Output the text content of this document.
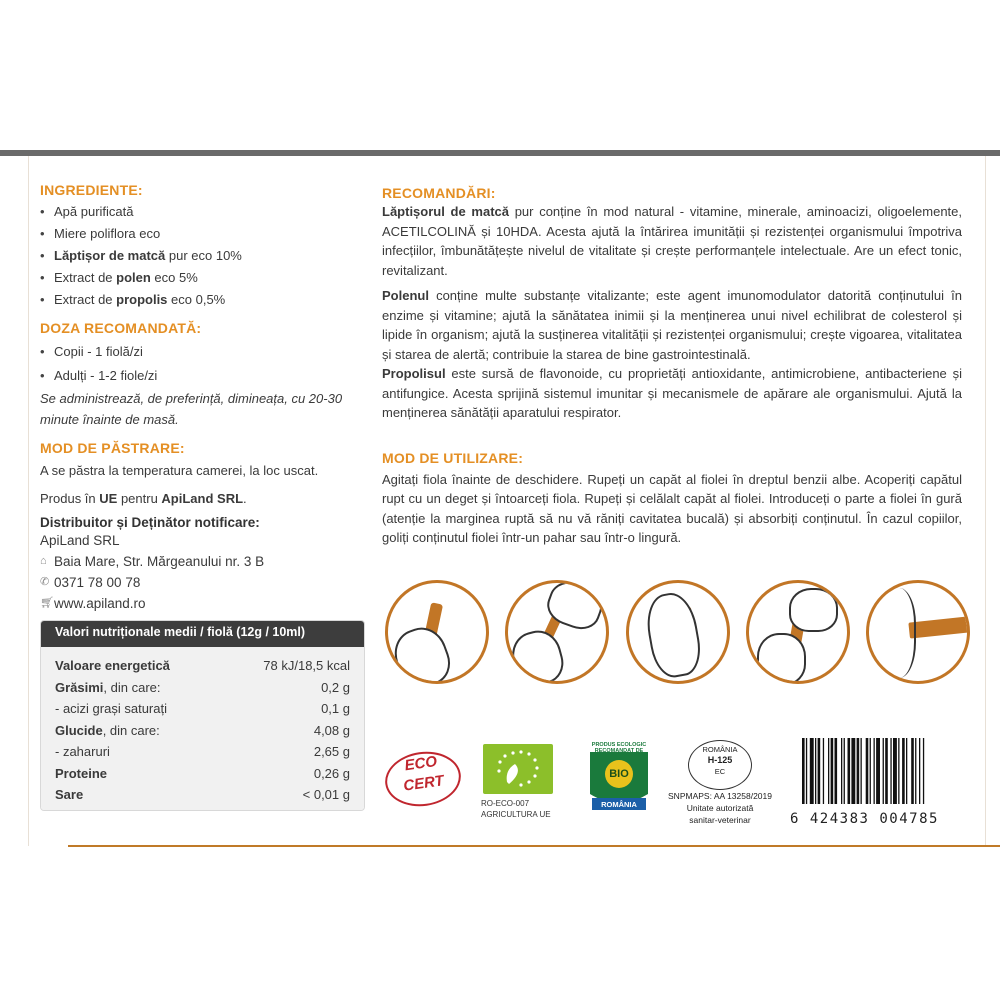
INGREDIENTE:
• Apă purificată
• Miere poliflora eco
• Lăptișor de matcă pur eco 10%
• Extract de polen eco 5%
• Extract de propolis eco 0,5%
DOZA RECOMANDATĂ:
• Copii - 1 fiolă/zi
• Adulți - 1-2 fiole/zi
Se administrează, de preferință, dimineața, cu 20-30 minute înainte de masă.
MOD DE PĂSTRARE:
A se păstra la temperatura camerei, la loc uscat.
Produs în UE pentru ApiLand SRL.
Distribuitor și Deținător notificare:
ApiLand SRL
⌂ Baia Mare, Str. Mărgeanului nr. 3 B
✆ 0371 78 00 78
🛒︎ www.apiland.ro
Valori nutriționale medii / fiolă (12g / 10ml)
Valoare energetică	78 kJ/18,5 kcal
Grăsimi, din care:	0,2 g
- acizi grași saturați	0,1 g
Glucide, din care:	4,08 g
- zaharuri	2,65 g
Proteine	0,26 g
Sare	< 0,01 g
RECOMANDĂRI:

Lăptișorul de matcă pur conține în mod natural - vitamine, minerale, aminoacizi, oligoelemente, ACETILCOLINĂ și 10HDA. Acesta ajută la întărirea imunității și rezistenței organismului împotriva infecțiilor, îmbunătățește nivelul de vitalitate și crește performanțele intelectuale. Are un efect tonic, revitalizant.

Polenul conține multe substanțe vitalizante; este agent imunomodulator datorită conținutului în enzime și vitamine; ajută la sănătatea inimii și la menținerea unui nivel echilibrat de colesterol și lipide în organism; ajută la susținerea vitalității și rezistenței organismului; crește vigoarea, vitalitatea și starea de alertă; contribuie la starea de bine gastrointestinală.

Propolisul este sursă de flavonoide, cu proprietăți antioxidante, antimicrobiene, antibacteriene și antifungice. Acesta sprijină sistemul imunitar și mecanismele de apărare ale organismului. Ajută la menținerea sănătății aparatului respirator.

MOD DE UTILIZARE:

Agitați fiola înainte de deschidere. Rupeți un capăt al fiolei în dreptul benzii albe. Acoperiți capătul rupt cu un deget și întoarceți fiola. Rupeți și celălalt capăt al fiolei. Introduceți o parte a fiolei în gură (atenție la marginea ruptă să nu vă răniți cavitatea bucală) și absorbiți conținutul. În cazul copiilor, goliți conținutul fiolei într-un pahar sau într-o lingură.

ECO CERT
RO-ECO-007
AGRICULTURA UE
PRODUS ECOLOGIC RECOMANDAT DE
BIO
ROMÂNIA
ROMÂNIA
H-125
EC
SNPMAPS: AA 13258/2019
Unitate autorizată
sanitar-veterinar	6 424383 004785
